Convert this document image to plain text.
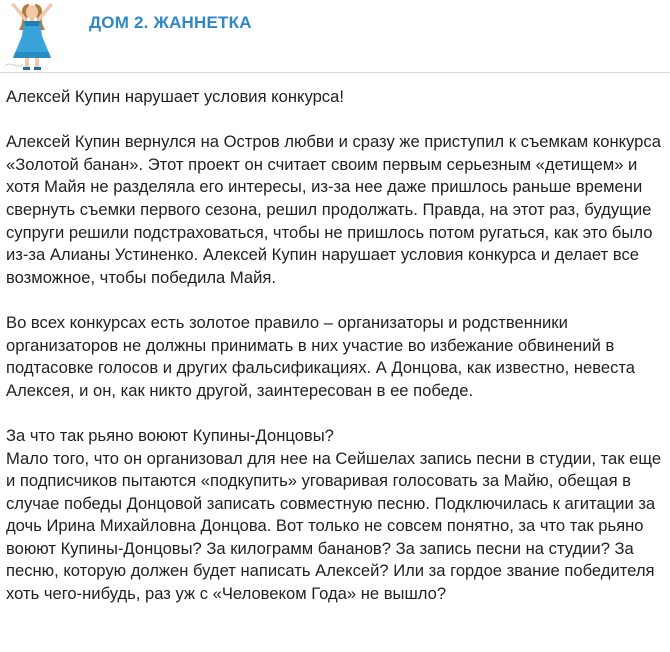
ДОМ 2. ЖАННЕТКА

Алексей Купин нарушает условия конкурса!

Алексей Купин вернулся на Остров любви и сразу же приступил к съемкам конкурса «Золотой банан». Этот проект он считает своим первым серьезным «детищем» и хотя Майя не разделяла его интересы, из-за нее даже пришлось раньше времени свернуть съемки первого сезона, решил продолжать. Правда, на этот раз, будущие супруги решили подстраховаться, чтобы не пришлось потом ругаться, как это было из-за Алианы Устиненко. Алексей Купин нарушает условия конкурса и делает все возможное, чтобы победила Майя.

Во всех конкурсах есть золотое правило – организаторы и родственники организаторов не должны принимать в них участие во избежание обвинений в подтасовке голосов и других фальсификациях. А Донцова, как известно, невеста Алексея, и он, как никто другой, заинтересован в ее победе.

За что так рьяно воюют Купины-Донцовы?

Мало того, что он организовал для нее на Сейшелах запись песни в студии, так еще и подписчиков пытаются «подкупить» уговаривая голосовать за Майю, обещая в случае победы Донцовой записать совместную песню. Подключилась к агитации за дочь Ирина Михайловна Донцова. Вот только не совсем понятно, за что так рьяно воюют Купины-Донцовы? За килограмм бананов? За запись песни на студии? За песню, которую должен будет написать Алексей? Или за гордое звание победителя хоть чего-нибудь, раз уж с «Человеком Года» не вышло?
